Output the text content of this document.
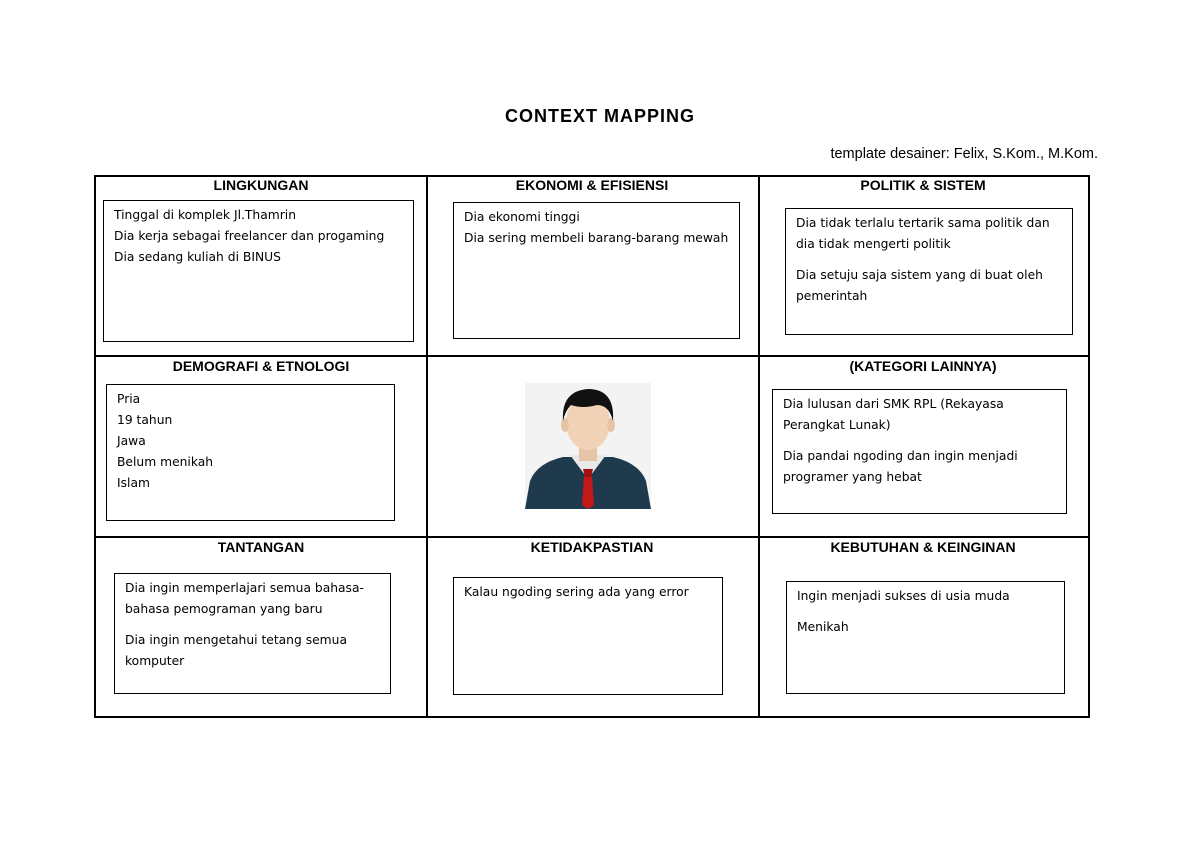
CONTEXT MAPPING
template desainer: Felix, S.Kom., M.Kom.
LINGKUNGAN

Tinggal di komplek Jl.Thamrin

Dia kerja sebagai freelancer dan progaming

Dia sedang kuliah di BINUS

EKONOMI & EFISIENSI

Dia ekonomi tinggi

Dia sering membeli barang-barang mewah

POLITIK & SISTEM

Dia tidak terlalu tertarik sama politik dan dia tidak mengerti politik

Dia setuju saja sistem yang di buat oleh pemerintah

DEMOGRAFI & ETNOLOGI

Pria

19 tahun

Jawa

Belum menikah

Islam

(KATEGORI LAINNYA)

Dia lulusan dari SMK RPL (Rekayasa Perangkat Lunak)

Dia pandai ngoding dan ingin menjadi programer yang hebat

TANTANGAN

Dia ingin memperlajari semua bahasa-bahasa pemograman yang baru

Dia ingin mengetahui tetang semua komputer

KETIDAKPASTIAN

Kalau ngoding sering ada yang error

KEBUTUHAN & KEINGINAN

Ingin menjadi sukses di usia muda

Menikah
